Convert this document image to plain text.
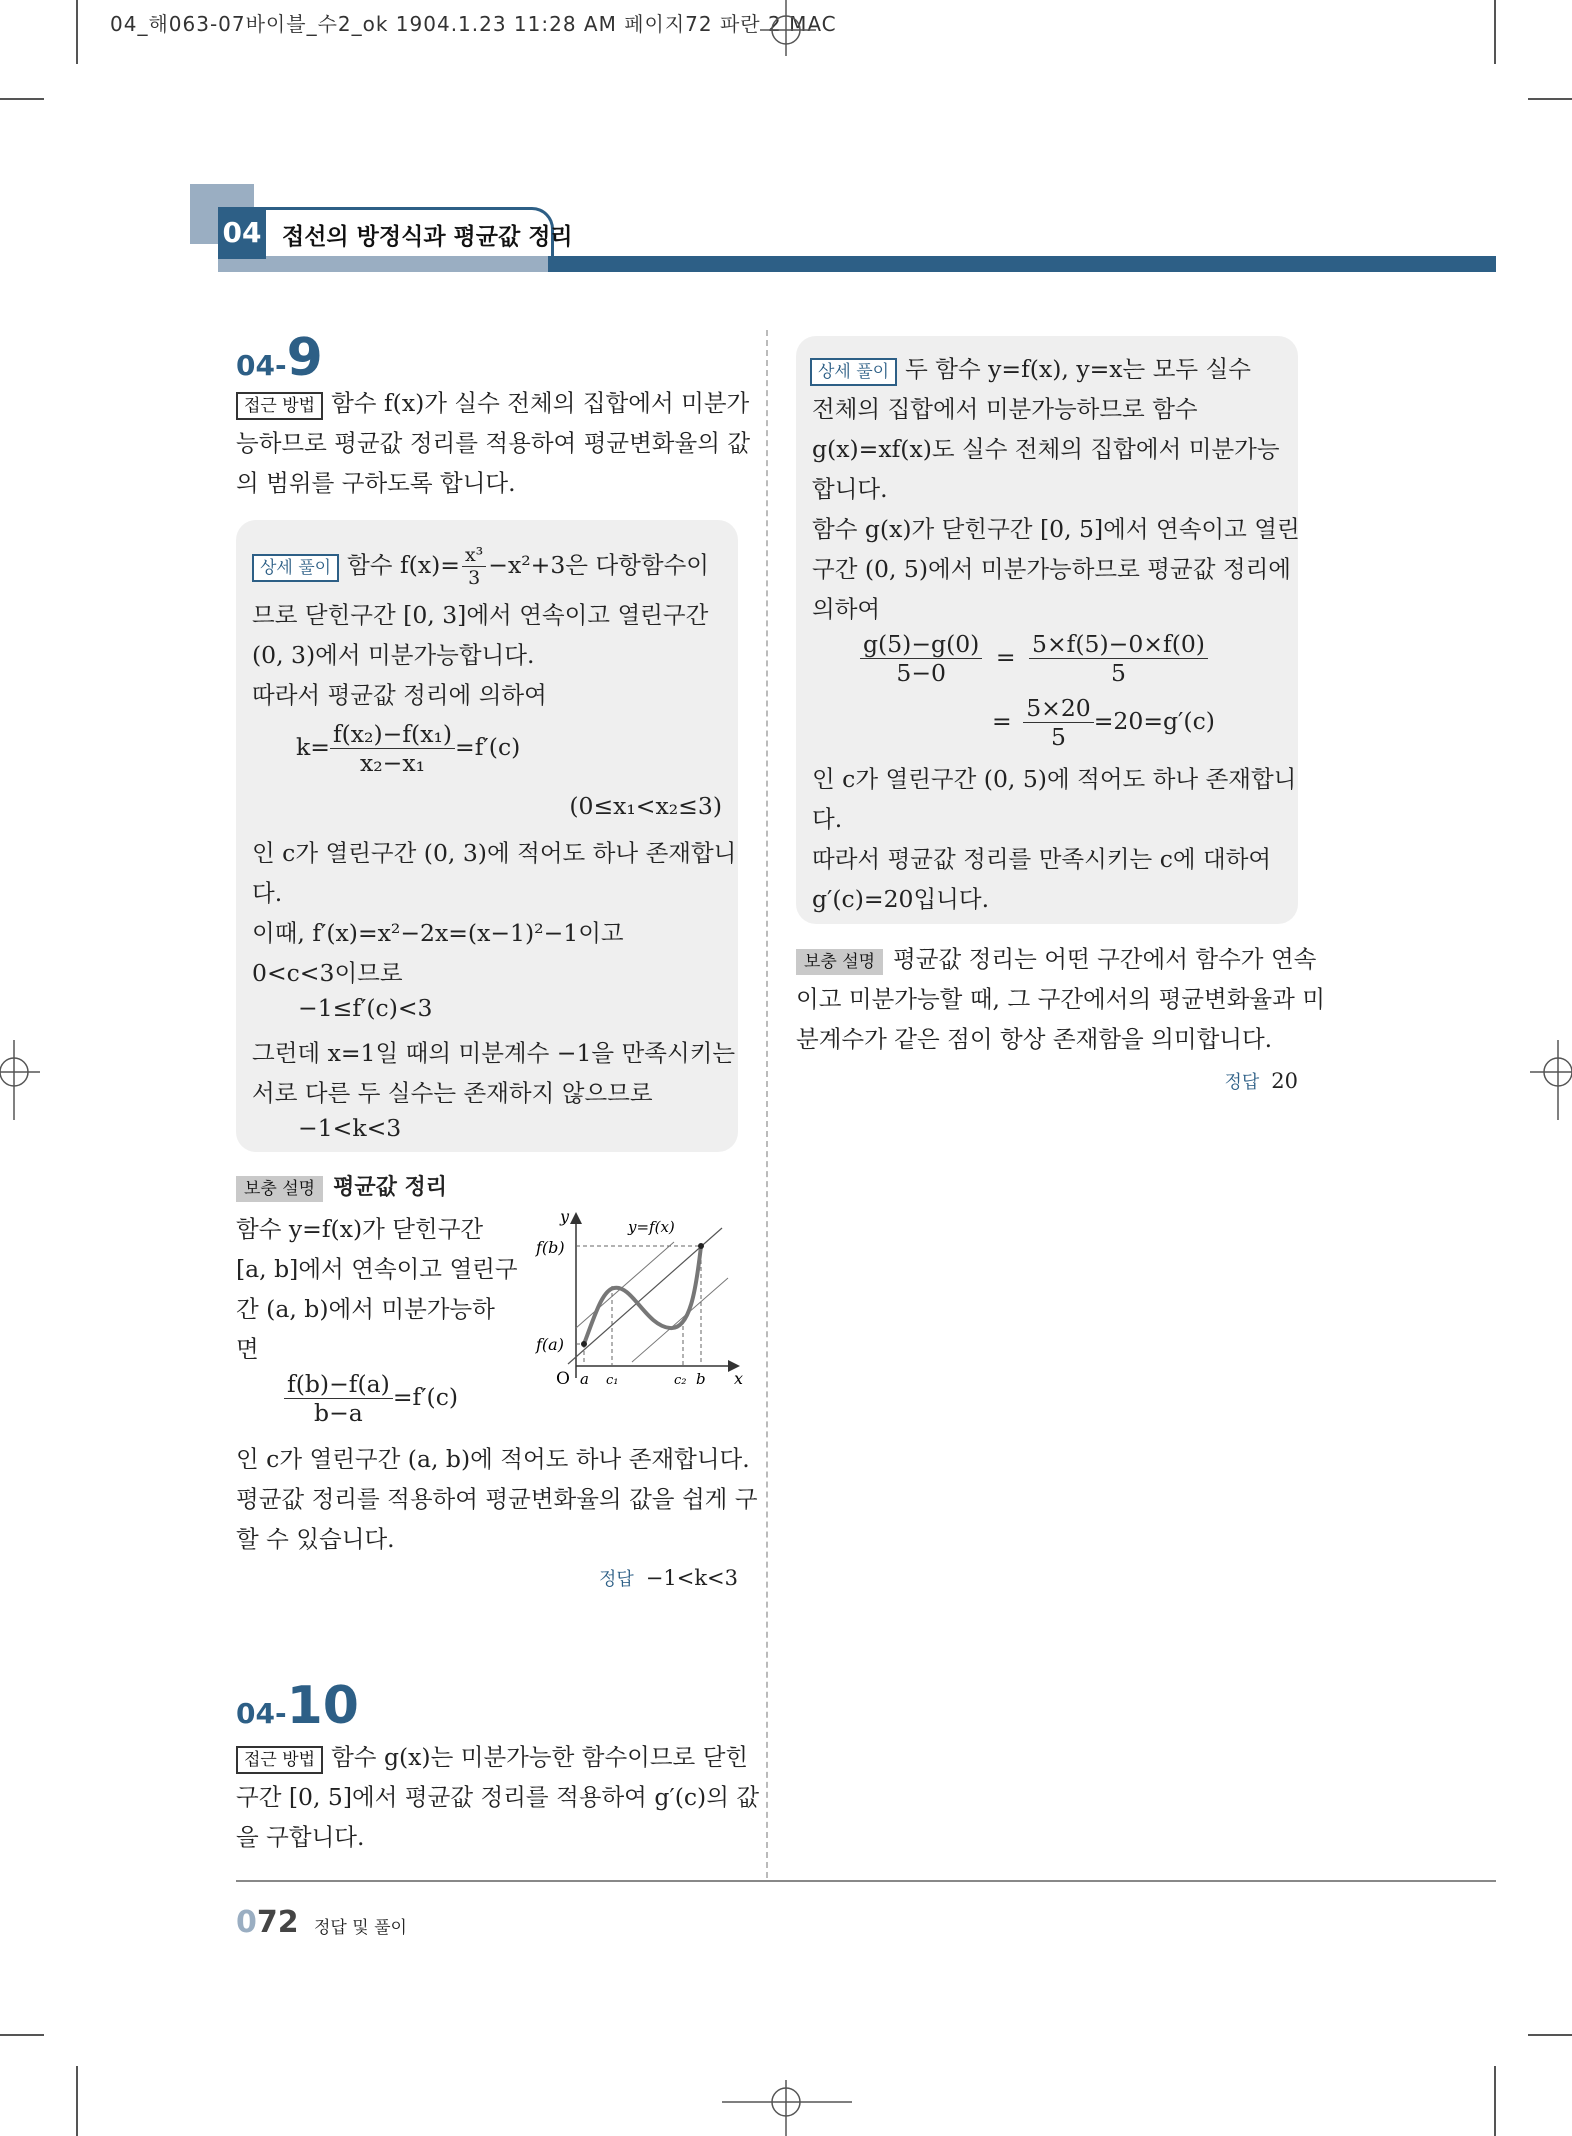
04_해063-07바이블_수2_ok 1904.1.23 11:28 AM 페이지72 파란 2 MAC
04 접선의 방정식과 평균값 정리
04-9
접근 방법 함수 f(x)가 실수 전체의 집합에서 미분가
능하므로 평균값 정리를 적용하여 평균변화율의 값
의 범위를 구하도록 합니다.
상세 풀이 함수 $f(x)= \frac{\text{x³}}{3} -x^2+3$은 다항함수이
므로 닫힌구간 [0, 3]에서 연속이고 열린구간
(0, 3)에서 미분가능합니다.
따라서 평균값 정리에 의하여
$k= \frac{\text{f(x₂)−f(x₁)}}{\text{x₂−x₁}} =f'(c)$
(0≤x₁<x₂≤3)
인 c가 열린구간 (0, 3)에 적어도 하나 존재합니
다.
이때, f′(x)=x²−2x=(x−1)²−1이고
0<c<3이므로
−1≤f′(c)<3
그런데 x=1일 때의 미분계수 −1을 만족시키는
서로 다른 두 실수는 존재하지 않으므로
−1<k<3
보충 설명 평균값 정리
함수 y=f(x)가 닫힌구간
[a, b]에서 연속이고 열린구
간 (a, b)에서 미분가능하
면
$\frac{f(b)-f(a)}{b-a} =f'(c)$
인 c가 열린구간 (a, b)에 적어도 하나 존재합니다.
평균값 정리를 적용하여 평균변화율의 값을 쉽게 구
할 수 있습니다.
y
x
O
f(b)
f(a)
y=f(x)
a c₁	c₂ b
정답 −1<k<3
04-10
접근 방법 함수 g(x)는 미분가능한 함수이므로 닫힌
구간 [0, 5]에서 평균값 정리를 적용하여 g′(c)의 값
을 구합니다.
상세 풀이 두 함수 y=f(x), y=x는 모두 실수
전체의 집합에서 미분가능하므로 함수
g(x)=xf(x)도 실수 전체의 집합에서 미분가능
합니다.
함수 g(x)가 닫힌구간 [0, 5]에서 연속이고 열린
구간 (0, 5)에서 미분가능하므로 평균값 정리에
의하여
$\frac{g(5)-g(0)}{5-0} = \frac{5\times f(5)-0\times f(0)}{5}$
= $\frac{5\times 20}{5} =20=g'(c)$
인 c가 열린구간 (0, 5)에 적어도 하나 존재합니
다.
따라서 평균값 정리를 만족시키는 c에 대하여
g′(c)=20입니다.
보충 설명 평균값 정리는 어떤 구간에서 함수가 연속
이고 미분가능할 때, 그 구간에서의 평균변화율과 미
분계수가 같은 점이 항상 존재함을 의미합니다.
정답 20
072 정답 및 풀이
